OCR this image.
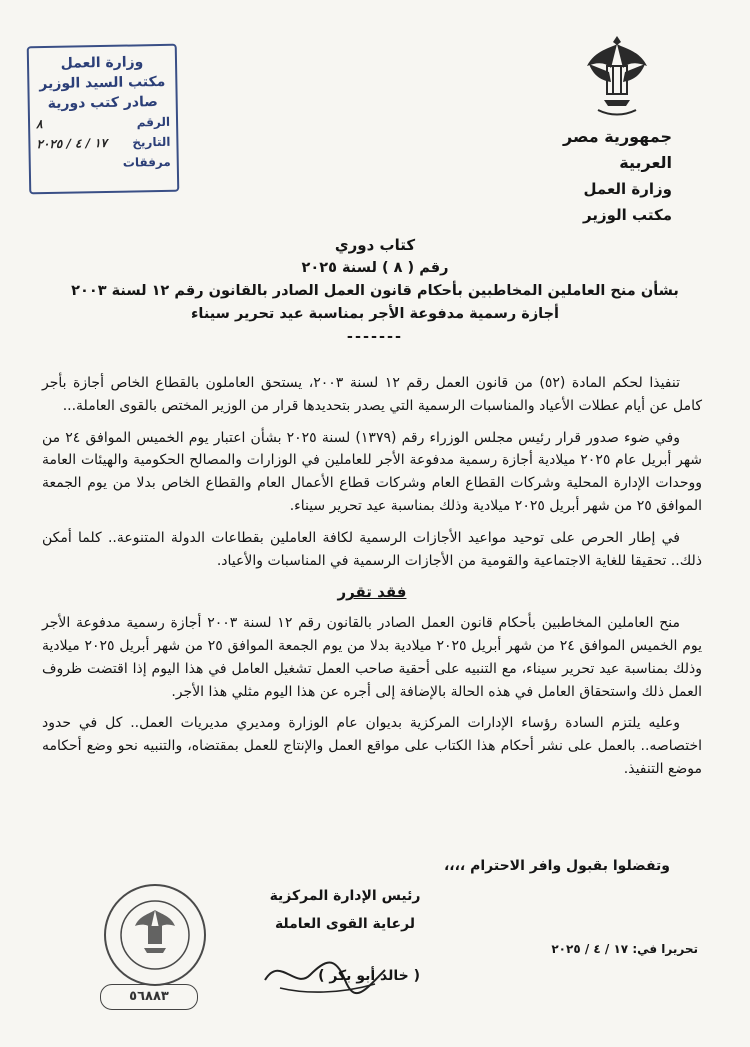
جمهورية مصر العربية
وزارة العمل
مكتب الوزير
وزارة العمل
مكتب السيد الوزير
صادر كتب دورية
الرقم
٨
التاريخ
١٧ / ٤ / ٢٠٢٥
مرفقات
كتاب دوري
رقم ( ٨ ) لسنة ٢٠٢٥
بشأن منح العاملين المخاطبين بأحكام قانون العمل الصادر بالقانون رقم ١٢ لسنة ٢٠٠٣
أجازة رسمية مدفوعة الأجر بمناسبة عيد تحرير سيناء
-------

تنفيذا لحكم المادة (٥٢) من قانون العمل رقم ١٢ لسنة ٢٠٠٣، يستحق العاملون بالقطاع الخاص أجازة بأجر كامل عن أيام عطلات الأعياد والمناسبات الرسمية التي يصدر بتحديدها قرار من الوزير المختص بالقوى العاملة...

وفي ضوء صدور قرار رئيس مجلس الوزراء رقم (١٣٧٩) لسنة ٢٠٢٥ بشأن اعتبار يوم الخميس الموافق ٢٤ من شهر أبريل عام ٢٠٢٥ ميلادية أجازة رسمية مدفوعة الأجر للعاملين في الوزارات والمصالح الحكومية والهيئات العامة ووحدات الإدارة المحلية وشركات القطاع العام وشركات قطاع الأعمال العام والقطاع الخاص بدلا من يوم الجمعة الموافق ٢٥ من شهر أبريل ٢٠٢٥ ميلادية وذلك بمناسبة عيد تحرير سيناء.

في إطار الحرص على توحيد مواعيد الأجازات الرسمية لكافة العاملين بقطاعات الدولة المتنوعة.. كلما أمكن ذلك.. تحقيقا للغاية الاجتماعية والقومية من الأجازات الرسمية في المناسبات والأعياد.

فقد تقرر

منح العاملين المخاطبين بأحكام قانون العمل الصادر بالقانون رقم ١٢ لسنة ٢٠٠٣ أجازة رسمية مدفوعة الأجر يوم الخميس الموافق ٢٤ من شهر أبريل ٢٠٢٥ ميلادية بدلا من يوم الجمعة الموافق ٢٥ من شهر أبريل ٢٠٢٥ ميلادية وذلك بمناسبة عيد تحرير سيناء، مع التنبيه على أحقية صاحب العمل تشغيل العامل في هذا اليوم إذا اقتضت ظروف العمل ذلك واستحقاق العامل في هذه الحالة بالإضافة إلى أجره عن هذا اليوم مثلي هذا الأجر.

وعليه يلتزم السادة رؤساء الإدارات المركزية بديوان عام الوزارة ومديري مديريات العمل.. كل في حدود اختصاصه.. بالعمل على نشر أحكام هذا الكتاب على مواقع العمل والإنتاج للعمل بمقتضاه، والتنبيه نحو وضع أحكامه موضع التنفيذ.

وتفضلوا بقبول وافر الاحترام ،،،،
رئيس الإدارة المركزية
لرعاية القوى العاملة
( خالد أبو بكر )
٥٦٨٨٣
تحريرا في: ١٧ / ٤ / ٢٠٢٥
